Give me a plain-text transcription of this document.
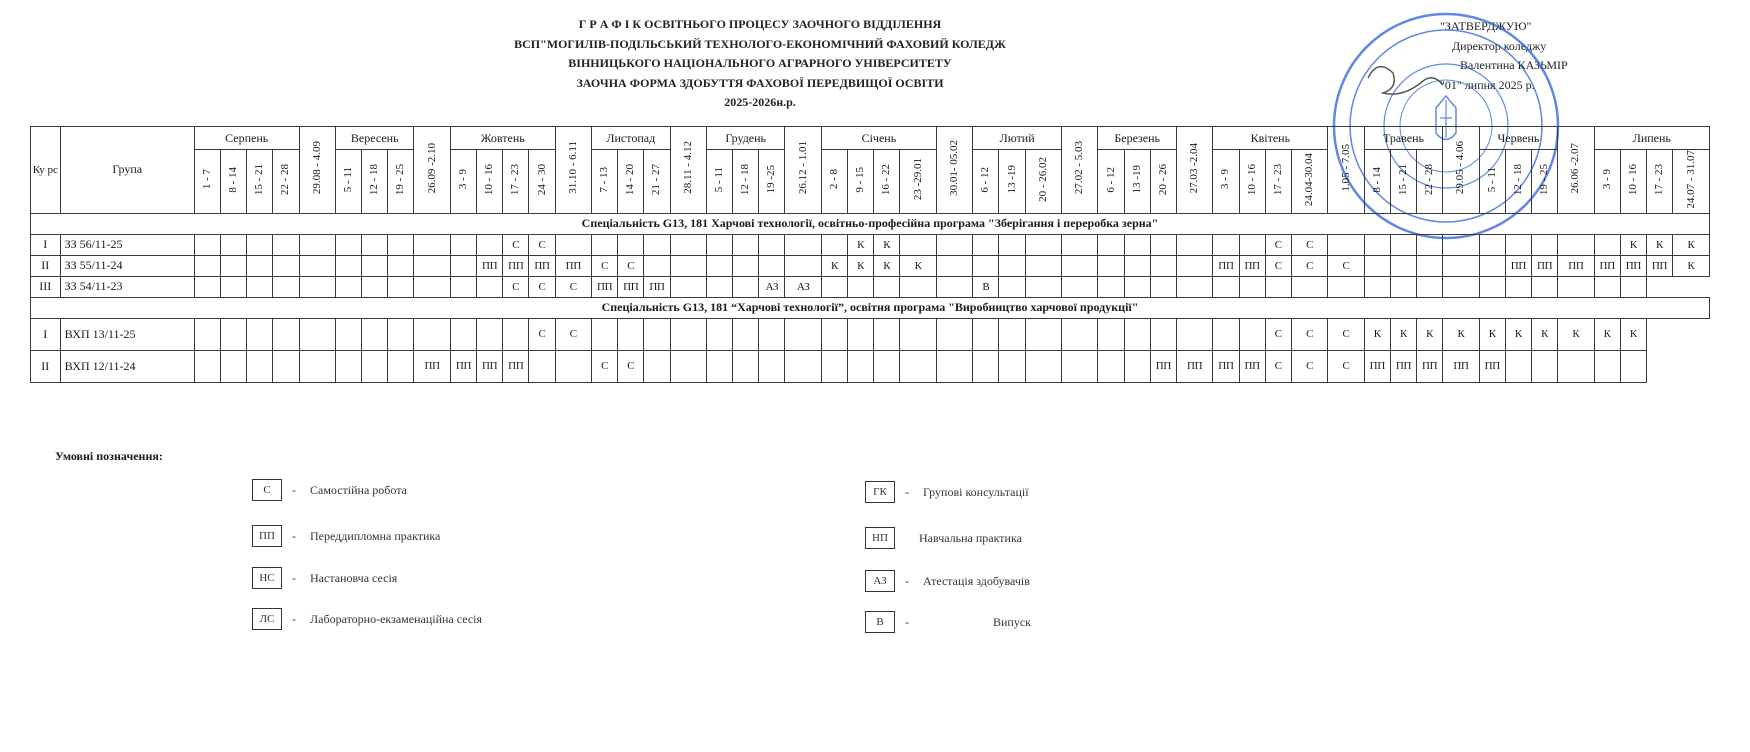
Г Р А Ф І К ОСВІТНЬОГО ПРОЦЕСУ ЗАОЧНОГО ВІДДІЛЕННЯ
ВСП"МОГИЛІВ-ПОДІЛЬСЬКИЙ ТЕХНОЛОГО-ЕКОНОМІЧНИЙ ФАХОВИЙ КОЛЕДЖ
ВІННИЦЬКОГО НАЦІОНАЛЬНОГО АГРАРНОГО УНІВЕРСИТЕТУ
ЗАОЧНА ФОРМА ЗДОБУТТЯ ФАХОВОЇ ПЕРЕДВИЩОЇ ОСВІТИ
2025-2026н.р.
"ЗАТВЕРДЖУЮ"
Директор коледжу
Валентина КАЗЬМІР
"01" липня 2025 р.
Ку рс	Група	Серпень				29.08 - 4.09	Вересень			26.09 -2.10	Жовтень				31.10 - 6.11	Листопад			28.11 - 4.12	Грудень			26.12 - 1.01	Січень				30.01- 05.02	Лютий			27.02 - 5.03	Березень			27.03 -2.04	Квітень				1.05 - 7.05	Травень			29.05 - 4.06	Червень			26.06 -2.07	Липень			
		1 - 7	8 - 14	15 - 21	22 - 28		5 - 11	12 - 18	19 - 25		3 - 9	10 - 16	17 - 23	24 - 30		7 - 13	14 - 20	21 - 27		5 - 11	12 - 18	19 -25		2 - 8	9 - 15	16 - 22	23 -29.01		6 - 12	13 -19	20 - 26.02		6 - 12	13 -19	20 - 26		3 - 9	10 - 16	17 - 23	24.04-30.04		8 - 14	15 - 21	22 - 28		5 - 11	12 - 18	19 - 25		3 - 9	10 - 16	17 - 23	24.07 - 31.07
Спеціальність G13, 181 Харчові технології, освітньо-професійна програма "Зберігання і переробка зерна"																																																					
I	ЗЗ 56/11-25												С	С											К	К													С	С											К	К	К
II	ЗЗ 55/11-24											ПП	ПП	ПП	ПП	С	С							К	К	К	К										ПП	ПП	С	С	С						ПП	ПП	ПП	ПП	ПП	ПП	К
III	ЗЗ 54/11-23												С	С	С	ПП	ПП	ПП				АЗ	АЗ						В																								
Спеціальність G13, 181 “Харчові технології”, освітня програма "Виробництво харчової продукції"																																																					
I	ВХП 13/11-25													С	С																								С	С	С	К	К	К	К	К	К	К	К	К	К		
II	ВХП 12/11-24									ПП	ПП	ПП	ПП			С	С																		ПП	ПП	ПП	ПП	С	С	С	ПП	ПП	ПП	ПП	ПП							
Умовні позначення:
С	- Самостійна робота	ГК	- Групові консультації
ПП	- Переддипломна практика	НП	Навчальна практика
НС	- Настановча сесія	АЗ	- Атестація здобувачів
ЛС	- Лабораторно-екзаменаційна сесія	В	-	Випуск
